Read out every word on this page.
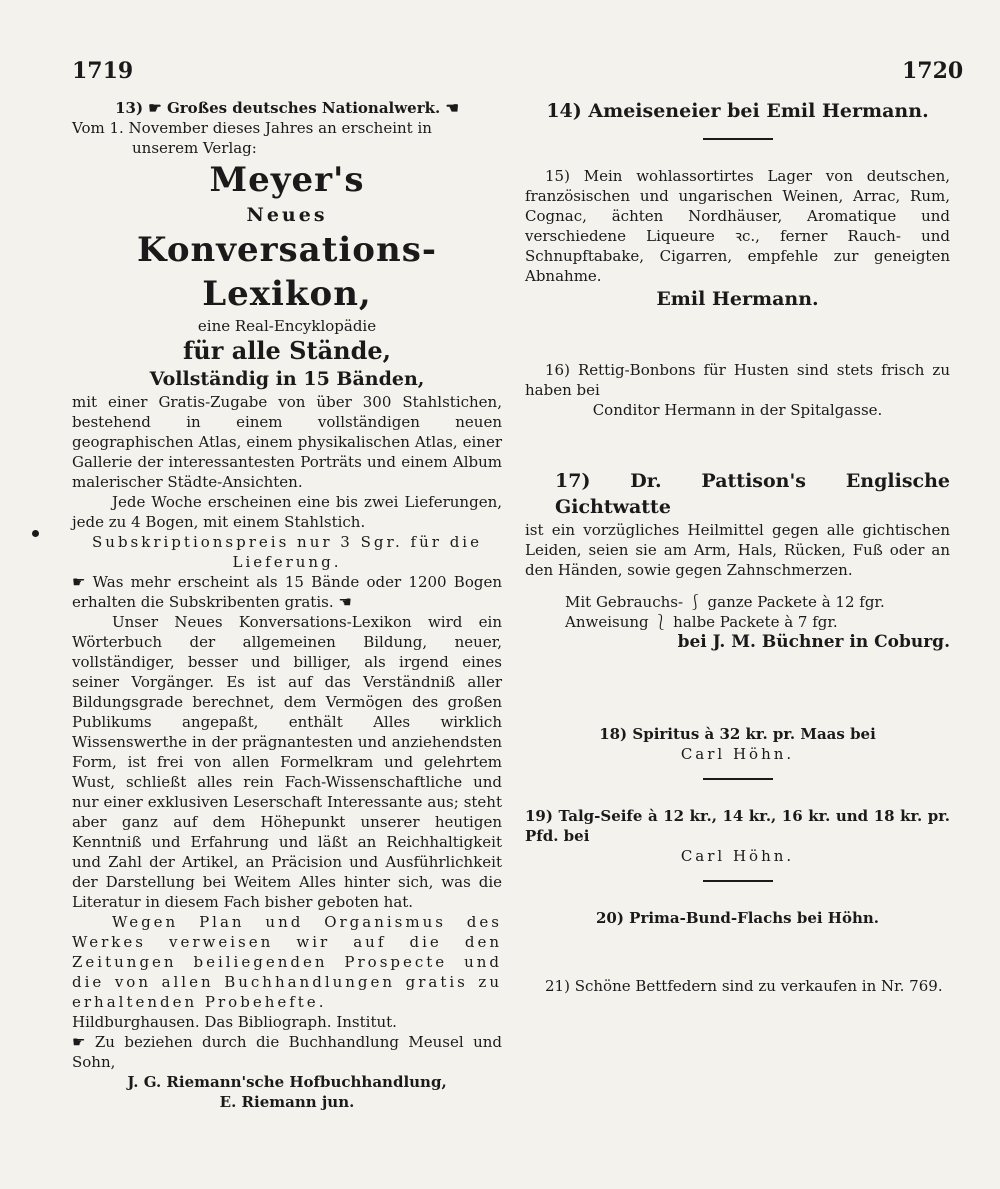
1719	1720

13) ☛ Großes deutsches Nationalwerk. ☚

Vom 1. November dieses Jahres an erscheint in

unserem Verlag:

Meyer's

Neues

Konversations-Lexikon,

eine Real-Encyklopädie

für alle Stände,

Vollständig in 15 Bänden,

mit einer Gratis-Zugabe von über 300 Stahlstichen, bestehend in einem vollständigen neuen geographischen Atlas, einem physikalischen Atlas, einer Gallerie der interessantesten Porträts und einem Album malerischer Städte-Ansichten.

Jede Woche erscheinen eine bis zwei Lieferungen, jede zu 4 Bogen, mit einem Stahlstich.

Subskriptionspreis nur 3 Sgr. für die Lieferung.

☛ Was mehr erscheint als 15 Bände oder 1200 Bogen erhalten die Subskribenten gratis. ☚

Unser Neues Konversations-Lexikon wird ein Wörterbuch der allgemeinen Bildung, neuer, vollständiger, besser und billiger, als irgend eines seiner Vorgänger. Es ist auf das Verständniß aller Bildungsgrade berechnet, dem Vermögen des großen Publikums angepaßt, enthält Alles wirklich Wissenswerthe in der prägnantesten und anziehendsten Form, ist frei von allen Formelkram und gelehrtem Wust, schließt alles rein Fach-Wissenschaftliche und nur einer exklusiven Leserschaft Interessante aus; steht aber ganz auf dem Höhepunkt unserer heutigen Kenntniß und Erfahrung und läßt an Reichhaltigkeit und Zahl der Artikel, an Präcision und Ausführlichkeit der Darstellung bei Weitem Alles hinter sich, was die Literatur in diesem Fach bisher geboten hat.

Wegen Plan und Organismus des Werkes verweisen wir auf die den Zeitungen beiliegenden Prospecte und die von allen Buchhandlungen gratis zu erhaltenden Probehefte.

Hildburghausen. Das Bibliograph. Institut.

☛ Zu beziehen durch die Buchhandlung Meusel und Sohn,

J. G. Riemann'sche Hofbuchhandlung,

E. Riemann jun.

14) Ameiseneier bei Emil Hermann.

15) Mein wohlassortirtes Lager von deutschen, französischen und ungarischen Weinen, Arrac, Rum, Cognac, ächten Nordhäuser, Aromatique und verschiedene Liqueure ꝛc., ferner Rauch- und Schnupftabake, Cigarren, empfehle zur geneigten Abnahme.

Emil Hermann.

16) Rettig-Bonbons für Husten sind stets frisch zu haben bei

Conditor Hermann in der Spitalgasse.

17) Dr. Pattison's Englische Gichtwatte

ist ein vorzügliches Heilmittel gegen alle gichtischen Leiden, seien sie am Arm, Hals, Rücken, Fuß oder an den Händen, sowie gegen Zahnschmerzen.

Mit Gebrauchs- ⎰ ganze Packete à 12 fgr.

Anweisung ⎱ halbe Packete à 7 fgr.

bei J. M. Büchner in Coburg.

18) Spiritus à 32 kr. pr. Maas bei

Carl Höhn.

19) Talg-Seife à 12 kr., 14 kr., 16 kr. und 18 kr. pr. Pfd. bei

Carl Höhn.

20) Prima-Bund-Flachs bei Höhn.

21) Schöne Bettfedern sind zu verkaufen in Nr. 769.
